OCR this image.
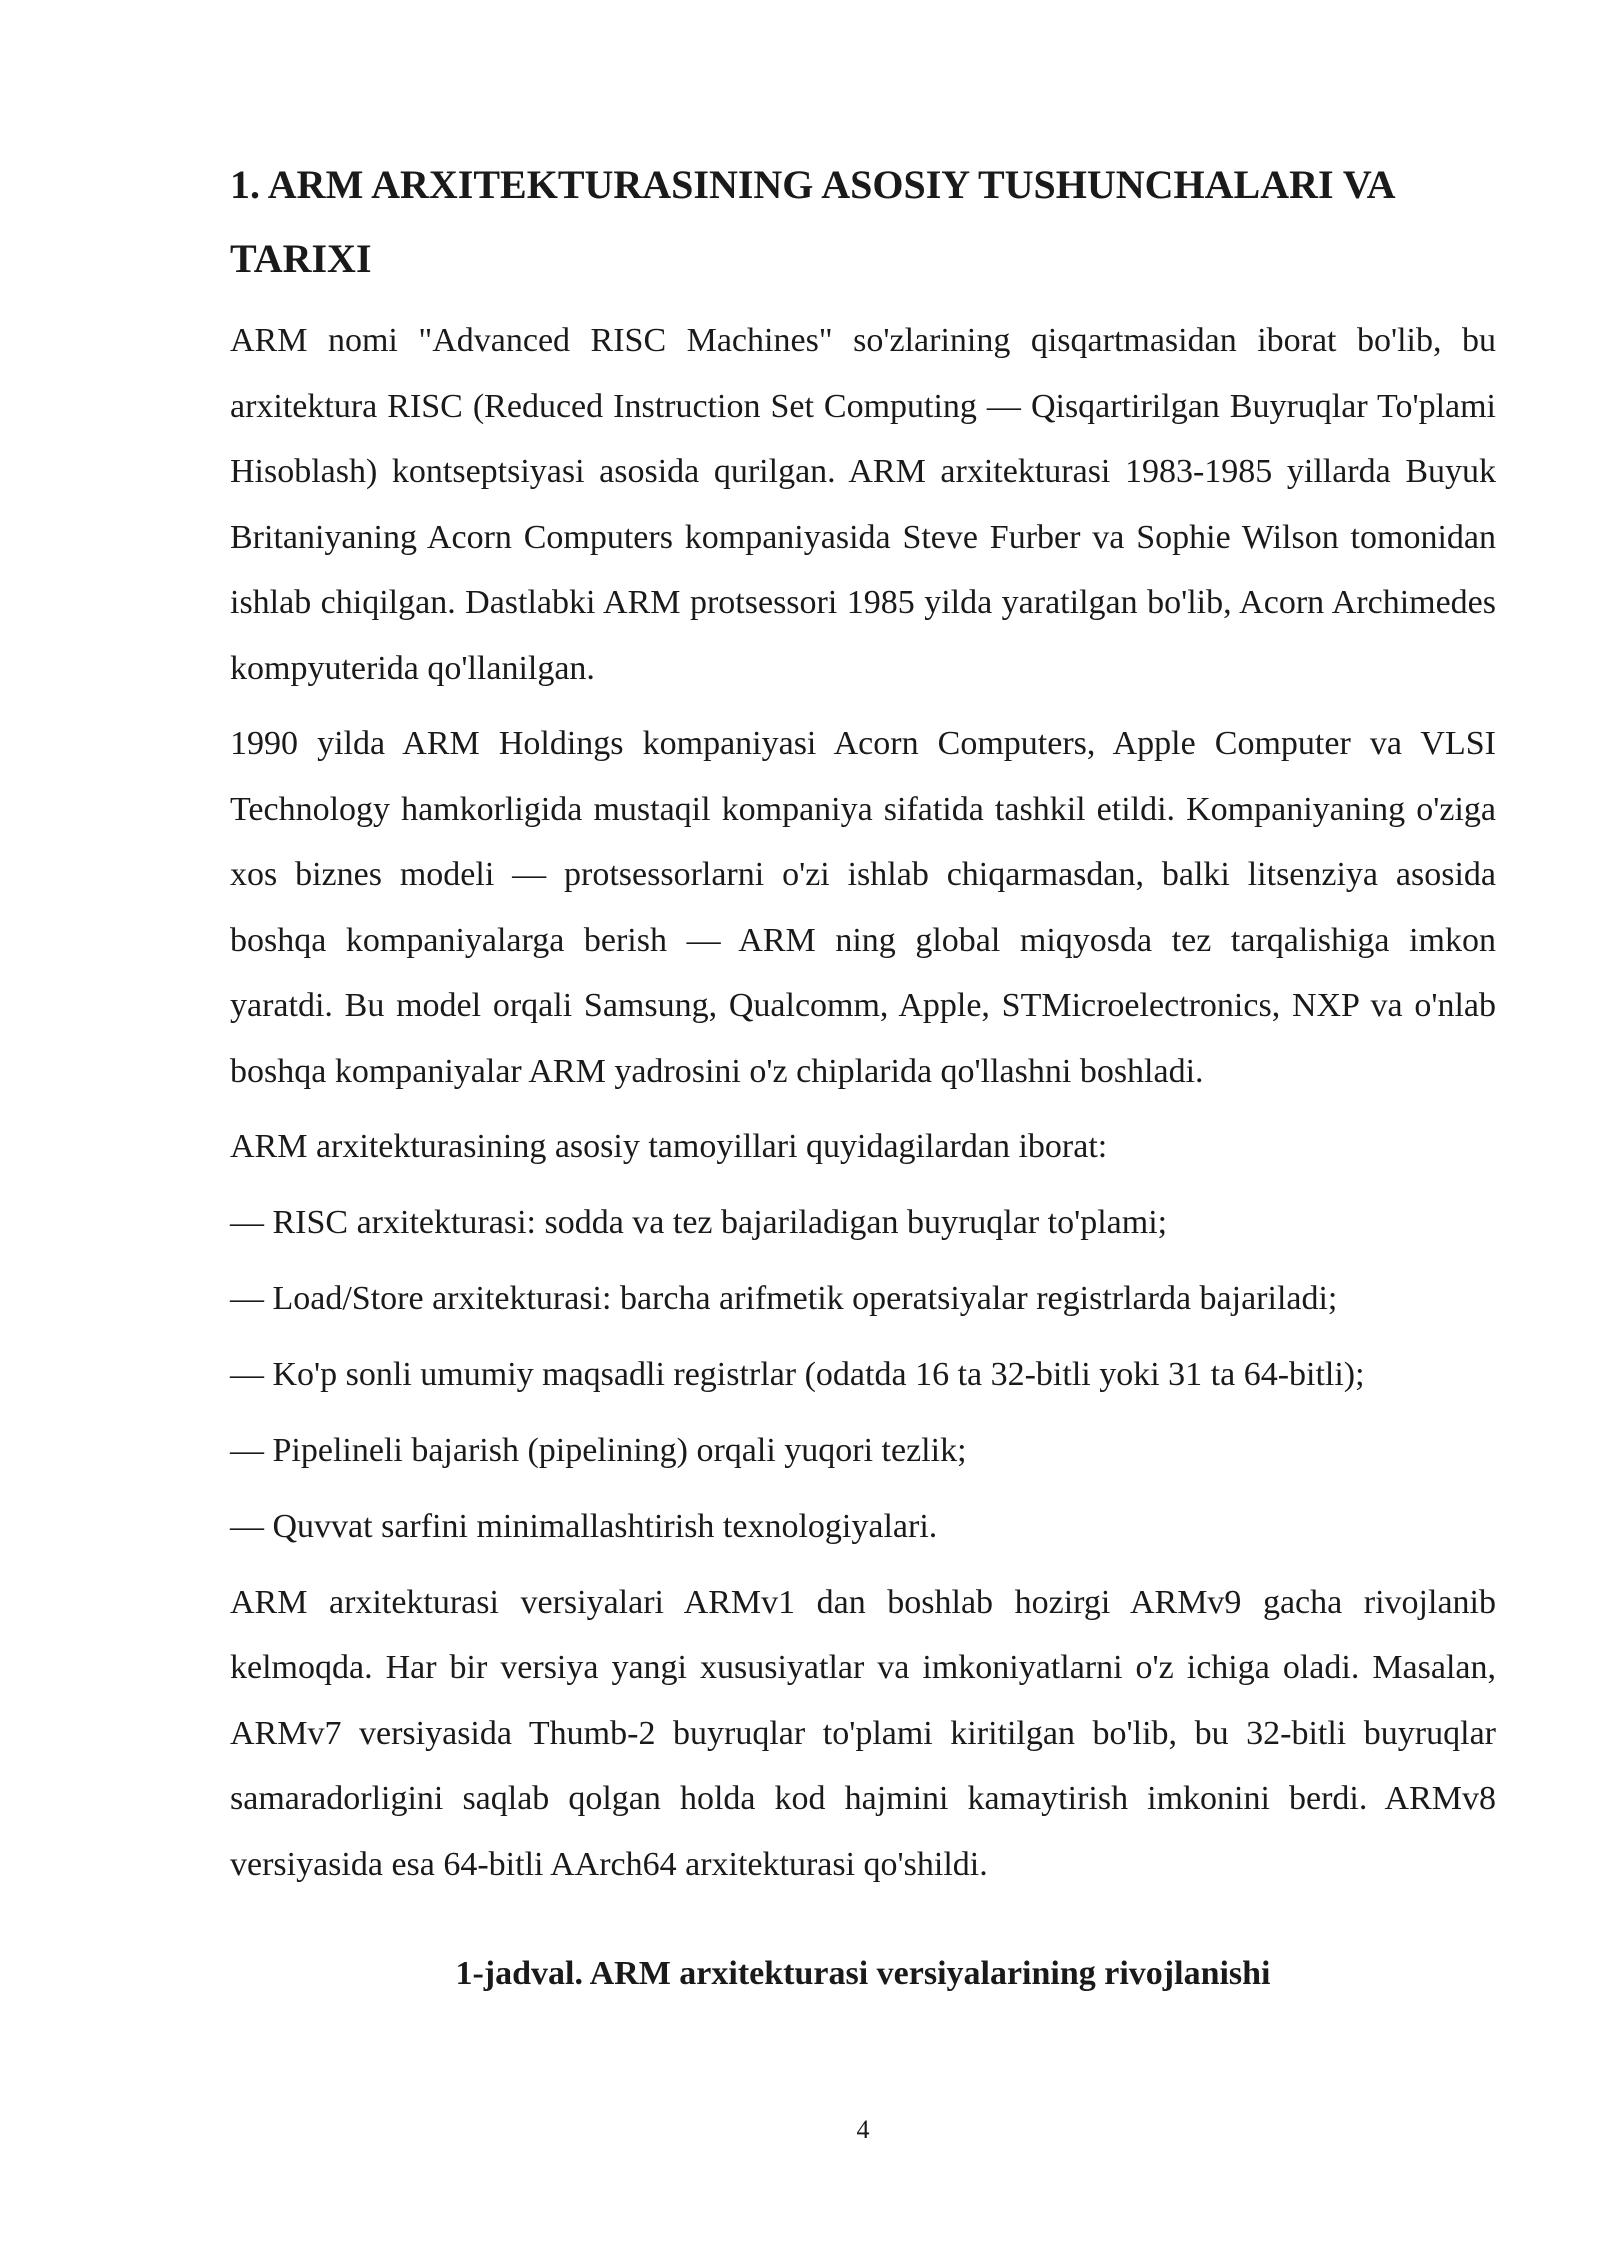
1. ARM ARXITEKTURASINING ASOSIY TUSHUNCHALARI VA TARIXI

ARM nomi "Advanced RISC Machines" so'zlarining qisqartmasidan iborat bo'lib, bu arxitektura RISC (Reduced Instruction Set Computing — Qisqartirilgan Buyruqlar To'plami Hisoblash) kontseptsiyasi asosida qurilgan. ARM arxitekturasi 1983-1985 yillarda Buyuk Britaniyaning Acorn Computers kompaniyasida Steve Furber va Sophie Wilson tomonidan ishlab chiqilgan. Dastlabki ARM protsessori 1985 yilda yaratilgan bo'lib, Acorn Archimedes kompyuterida qo'llanilgan.

1990 yilda ARM Holdings kompaniyasi Acorn Computers, Apple Computer va VLSI Technology hamkorligida mustaqil kompaniya sifatida tashkil etildi. Kompaniyaning o'ziga xos biznes modeli — protsessorlarni o'zi ishlab chiqarmasdan, balki litsenziya asosida boshqa kompaniyalarga berish — ARM ning global miqyosda tez tarqalishiga imkon yaratdi. Bu model orqali Samsung, Qualcomm, Apple, STMicroelectronics, NXP va o'nlab boshqa kompaniyalar ARM yadrosini o'z chiplarida qo'llashni boshladi.

ARM arxitekturasining asosiy tamoyillari quyidagilardan iborat:

— RISC arxitekturasi: sodda va tez bajariladigan buyruqlar to'plami;
— Load/Store arxitekturasi: barcha arifmetik operatsiyalar registrlarda bajariladi;
— Ko'p sonli umumiy maqsadli registrlar (odatda 16 ta 32-bitli yoki 31 ta 64-bitli);
— Pipelineli bajarish (pipelining) orqali yuqori tezlik;
— Quvvat sarfini minimallashtirish texnologiyalari.

ARM arxitekturasi versiyalari ARMv1 dan boshlab hozirgi ARMv9 gacha rivojlanib kelmoqda. Har bir versiya yangi xususiyatlar va imkoniyatlarni o'z ichiga oladi. Masalan, ARMv7 versiyasida Thumb-2 buyruqlar to'plami kiritilgan bo'lib, bu 32-bitli buyruqlar samaradorligini saqlab qolgan holda kod hajmini kamaytirish imkonini berdi. ARMv8 versiyasida esa 64-bitli AArch64 arxitekturasi qo'shildi.

1-jadval. ARM arxitekturasi versiyalarining rivojlanishi
4
